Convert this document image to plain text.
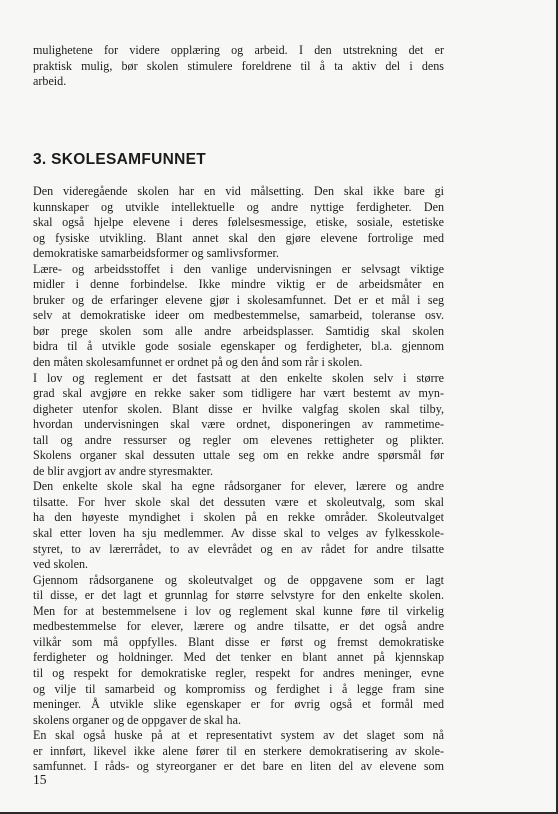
mulighetene for videre opplæring og arbeid. I den utstrekning det er
praktisk mulig, bør skolen stimulere foreldrene til å ta aktiv del i dens
arbeid.
3. SKOLESAMFUNNET
Den videregående skolen har en vid målsetting. Den skal ikke bare gi
kunnskaper og utvikle intellektuelle og andre nyttige ferdigheter. Den
skal også hjelpe elevene i deres følelsesmessige, etiske, sosiale, estetiske
og fysiske utvikling. Blant annet skal den gjøre elevene fortrolige med
demokratiske samarbeidsformer og samlivsformer.
Lære- og arbeidsstoffet i den vanlige undervisningen er selvsagt viktige
midler i denne forbindelse. Ikke mindre viktig er de arbeidsmåter en
bruker og de erfaringer elevene gjør i skolesamfunnet. Det er et mål i seg
selv at demokratiske ideer om medbestemmelse, samarbeid, toleranse osv.
bør prege skolen som alle andre arbeidsplasser. Samtidig skal skolen
bidra til å utvikle gode sosiale egenskaper og ferdigheter, bl.a. gjennom
den måten skolesamfunnet er ordnet på og den ånd som rår i skolen.
I lov og reglement er det fastsatt at den enkelte skolen selv i større
grad skal avgjøre en rekke saker som tidligere har vært bestemt av myn-
digheter utenfor skolen. Blant disse er hvilke valgfag skolen skal tilby,
hvordan undervisningen skal være ordnet, disponeringen av rammetime-
tall og andre ressurser og regler om elevenes rettigheter og plikter.
Skolens organer skal dessuten uttale seg om en rekke andre spørsmål før
de blir avgjort av andre styresmakter.
Den enkelte skole skal ha egne rådsorganer for elever, lærere og andre
tilsatte. For hver skole skal det dessuten være et skoleutvalg, som skal
ha den høyeste myndighet i skolen på en rekke områder. Skoleutvalget
skal etter loven ha sju medlemmer. Av disse skal to velges av fylkesskole-
styret, to av lærerrådet, to av elevrådet og en av rådet for andre tilsatte
ved skolen.
Gjennom rådsorganene og skoleutvalget og de oppgavene som er lagt
til disse, er det lagt et grunnlag for større selvstyre for den enkelte skolen.
Men for at bestemmelsene i lov og reglement skal kunne føre til virkelig
medbestemmelse for elever, lærere og andre tilsatte, er det også andre
vilkår som må oppfylles. Blant disse er først og fremst demokratiske
ferdigheter og holdninger. Med det tenker en blant annet på kjennskap
til og respekt for demokratiske regler, respekt for andres meninger, evne
og vilje til samarbeid og kompromiss og ferdighet i å legge fram sine
meninger. Å utvikle slike egenskaper er for øvrig også et formål med
skolens organer og de oppgaver de skal ha.
En skal også huske på at et representativt system av det slaget som nå
er innført, likevel ikke alene fører til en sterkere demokratisering av skole-
samfunnet. I råds- og styreorganer er det bare en liten del av elevene som
15
